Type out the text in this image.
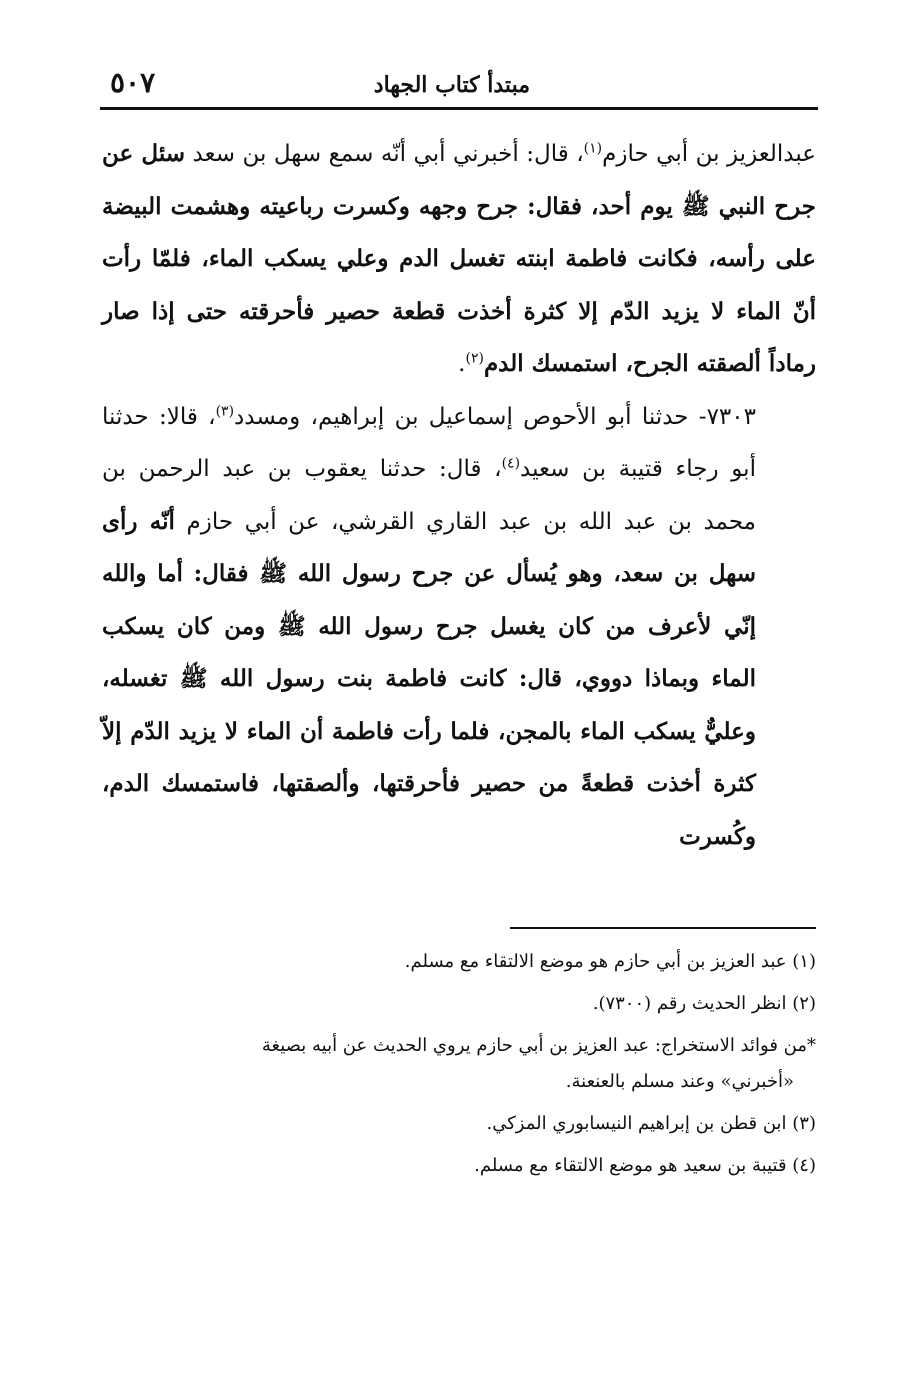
مبتدأ كتاب الجهاد
٥٠٧

عبدالعزيز بن أبي حازم$^{(١)}$، قال: أخبرني أبي أنّه سمع سهل بن سعد سئل عن جرح النبي ﷺ يوم أحد، فقال: جرح وجهه وكسرت رباعيته وهشمت البيضة على رأسه، فكانت فاطمة ابنته تغسل الدم وعلي يسكب الماء، فلمّا رأت أنّ الماء لا يزيد الدّم إلا كثرة أخذت قطعة حصير فأحرقته حتى إذا صار رماداً ألصقته الجرح، استمسك الدم$^{(٢)}$.

٧٣٠٣- حدثنا أبو الأحوص إسماعيل بن إبراهيم، ومسدد$^{(٣)}$، قالا: حدثنا أبو رجاء قتيبة بن سعيد$^{(٤)}$، قال: حدثنا يعقوب بن عبد الرحمن بن محمد بن عبد الله بن عبد القاري القرشي، عن أبي حازم أنّه رأى سهل بن سعد، وهو يُسأل عن جرح رسول الله ﷺ فقال: أما والله إنّي لأعرف من كان يغسل جرح رسول الله ﷺ ومن كان يسكب الماء وبماذا دووي، قال: كانت فاطمة بنت رسول الله ﷺ تغسله، وعليٌّ يسكب الماء بالمجن، فلما رأت فاطمة أن الماء لا يزيد الدّم إلاّ كثرة أخذت قطعةً من حصير فأحرقتها، وألصقتها، فاستمسك الدم، وكُسرت

(١) عبد العزيز بن أبي حازم هو موضع الالتقاء مع مسلم.

(٢) انظر الحديث رقم (٧٣٠٠).

*من فوائد الاستخراج: عبد العزيز بن أبي حازم يروي الحديث عن أبيه بصيغة

«أخبرني» وعند مسلم بالعنعنة.

(٣) ابن قطن بن إبراهيم النيسابوري المزكي.

(٤) قتيبة بن سعيد هو موضع الالتقاء مع مسلم.
